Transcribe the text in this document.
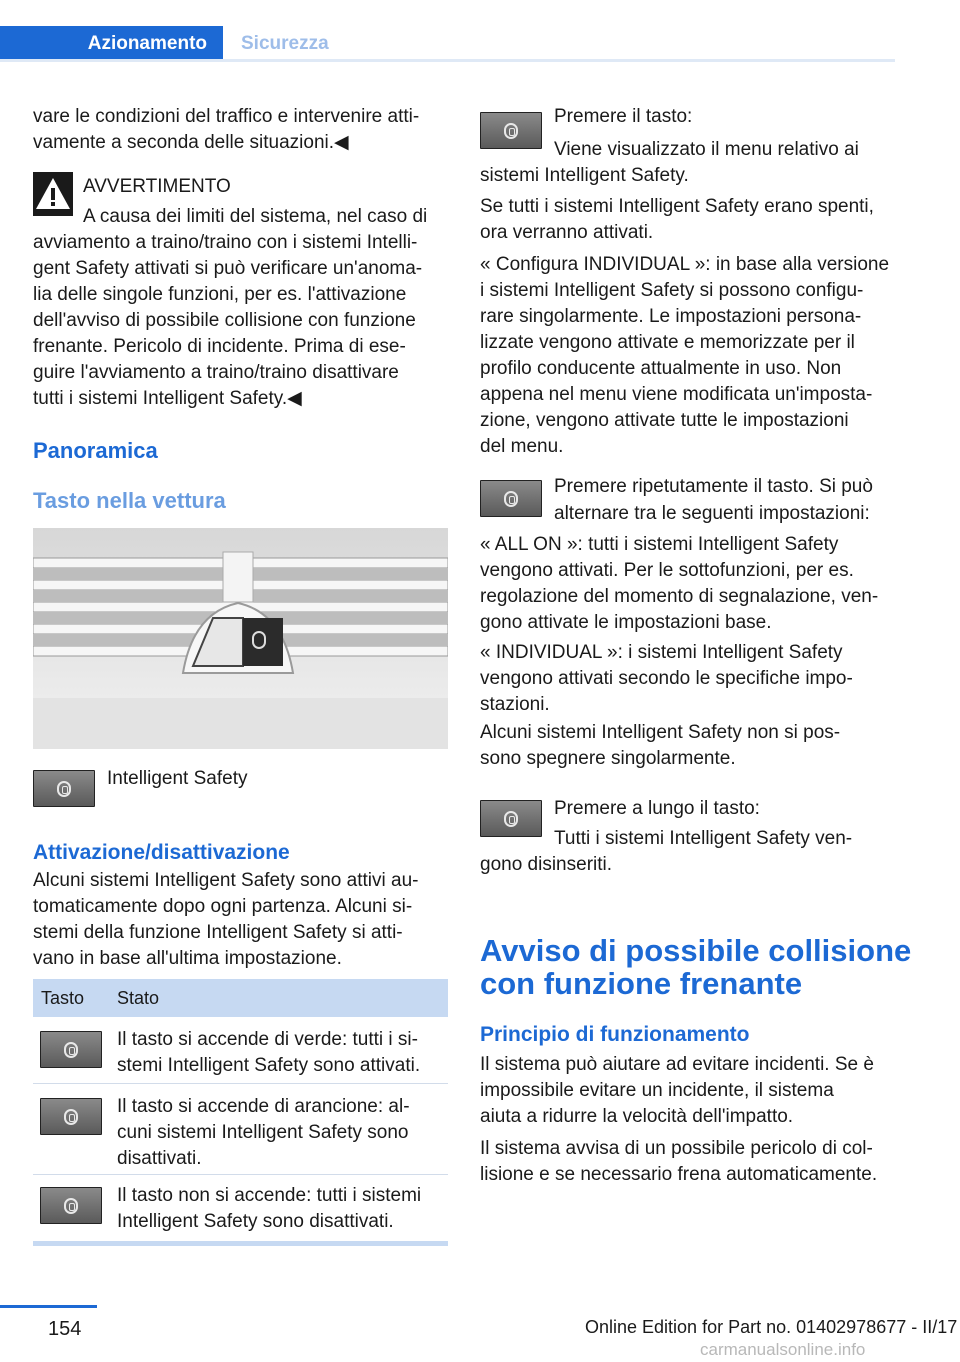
Azionamento	Sicurezza

vare le condizioni del traffico e intervenire atti‐

vamente a seconda delle situazioni.◀

AVVERTIMENTO

A causa dei limiti del sistema, nel caso di

avviamento a traino/traino con i sistemi Intelli‐

gent Safety attivati si può verificare un'anoma‐

lia delle singole funzioni, per es. l'attivazione

dell'avviso di possibile collisione con funzione

frenante. Pericolo di incidente. Prima di ese‐

guire l'avviamento a traino/traino disattivare

tutti i sistemi Intelligent Safety.◀

Panoramica
Tasto nella vettura
Intelligent Safety
Attivazione/disattivazione

Alcuni sistemi Intelligent Safety sono attivi au‐

tomaticamente dopo ogni partenza. Alcuni si‐

stemi della funzione Intelligent Safety si atti‐

vano in base all'ultima impostazione.

Tasto Stato
Il tasto si accende di verde: tutti i si‐
stemi Intelligent Safety sono attivati.
Il tasto si accende di arancione: al‐
cuni sistemi Intelligent Safety sono
disattivati.
Il tasto non si accende: tutti i sistemi
Intelligent Safety sono disattivati.
Premere il tasto:
Viene visualizzato il menu relativo ai
sistemi Intelligent Safety.

Se tutti i sistemi Intelligent Safety erano spenti,

ora verranno attivati.

« Configura INDIVIDUAL »: in base alla versione

i sistemi Intelligent Safety si possono configu‐

rare singolarmente. Le impostazioni persona‐

lizzate vengono attivate e memorizzate per il

profilo conducente attualmente in uso. Non

appena nel menu viene modificata un'imposta‐

zione, vengono attivate tutte le impostazioni

del menu.

Premere ripetutamente il tasto. Si può
alternare tra le seguenti impostazioni:

« ALL ON »: tutti i sistemi Intelligent Safety

vengono attivati. Per le sottofunzioni, per es.

regolazione del momento di segnalazione, ven‐

gono attivate le impostazioni base.

« INDIVIDUAL »: i sistemi Intelligent Safety

vengono attivati secondo le specifiche impo‐

stazioni.

Alcuni sistemi Intelligent Safety non si pos‐

sono spegnere singolarmente.

Premere a lungo il tasto:
Tutti i sistemi Intelligent Safety ven‐
gono disinseriti.
Avviso di possibile collisione
con funzione frenante
Principio di funzionamento

Il sistema può aiutare ad evitare incidenti. Se è

impossibile evitare un incidente, il sistema

aiuta a ridurre la velocità dell'impatto.

Il sistema avvisa di un possibile pericolo di col‐

lisione e se necessario frena automaticamente.

154	Online Edition for Part no. 01402978677 - II/17
carmanualsonline.info
